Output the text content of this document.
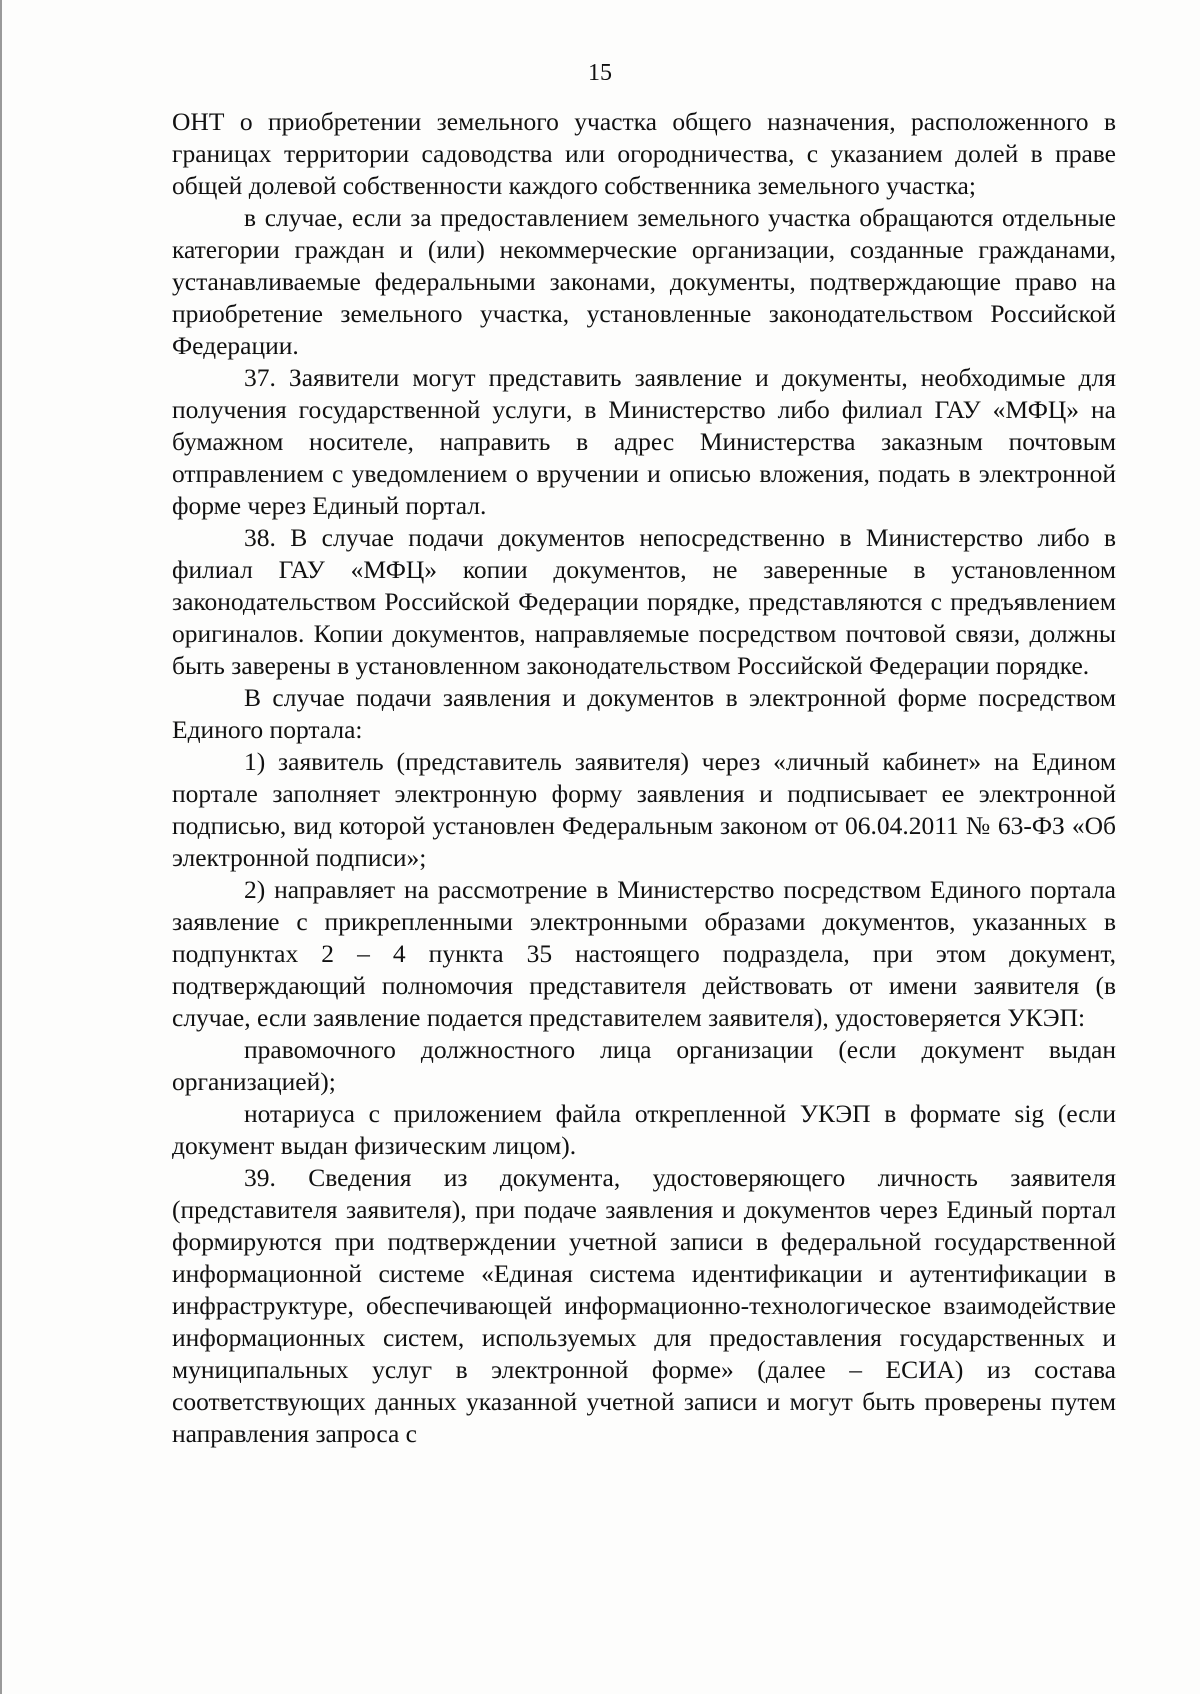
15

ОНТ о приобретении земельного участка общего назначения, расположенного в границах территории садоводства или огородничества, с указанием долей в праве общей долевой собственности каждого собственника земельного участка;

в случае, если за предоставлением земельного участка обращаются отдельные категории граждан и (или) некоммерческие организации, созданные гражданами, устанавливаемые федеральными законами, документы, подтверждающие право на приобретение земельного участка, установленные законодательством Российской Федерации.

37. Заявители могут представить заявление и документы, необходимые для получения государственной услуги, в Министерство либо филиал ГАУ «МФЦ» на бумажном носителе, направить в адрес Министерства заказным почтовым отправлением с уведомлением о вручении и описью вложения, подать в электронной форме через Единый портал.

38. В случае подачи документов непосредственно в Министерство либо в филиал ГАУ «МФЦ» копии документов, не заверенные в установленном законодательством Российской Федерации порядке, представляются с предъявлением оригиналов. Копии документов, направляемые посредством почтовой связи, должны быть заверены в установленном законодательством Российской Федерации порядке.

В случае подачи заявления и документов в электронной форме посредством Единого портала:

1) заявитель (представитель заявителя) через «личный кабинет» на Едином портале заполняет электронную форму заявления и подписывает ее электронной подписью, вид которой установлен Федеральным законом от 06.04.2011 № 63-ФЗ «Об электронной подписи»;

2) направляет на рассмотрение в Министерство посредством Единого портала заявление с прикрепленными электронными образами документов, указанных в подпунктах 2 – 4 пункта 35 настоящего подраздела, при этом документ, подтверждающий полномочия представителя действовать от имени заявителя (в случае, если заявление подается представителем заявителя), удостоверяется УКЭП:

правомочного должностного лица организации (если документ выдан организацией);

нотариуса с приложением файла открепленной УКЭП в формате sig (если документ выдан физическим лицом).

39. Сведения из документа, удостоверяющего личность заявителя (представителя заявителя), при подаче заявления и документов через Единый портал формируются при подтверждении учетной записи в федеральной государственной информационной системе «Единая система идентификации и аутентификации в инфраструктуре, обеспечивающей информационно-технологическое взаимодействие информационных систем, используемых для предоставления государственных и муниципальных услуг в электронной форме» (далее – ЕСИА) из состава соответствующих данных указанной учетной записи и могут быть проверены путем направления запроса с
